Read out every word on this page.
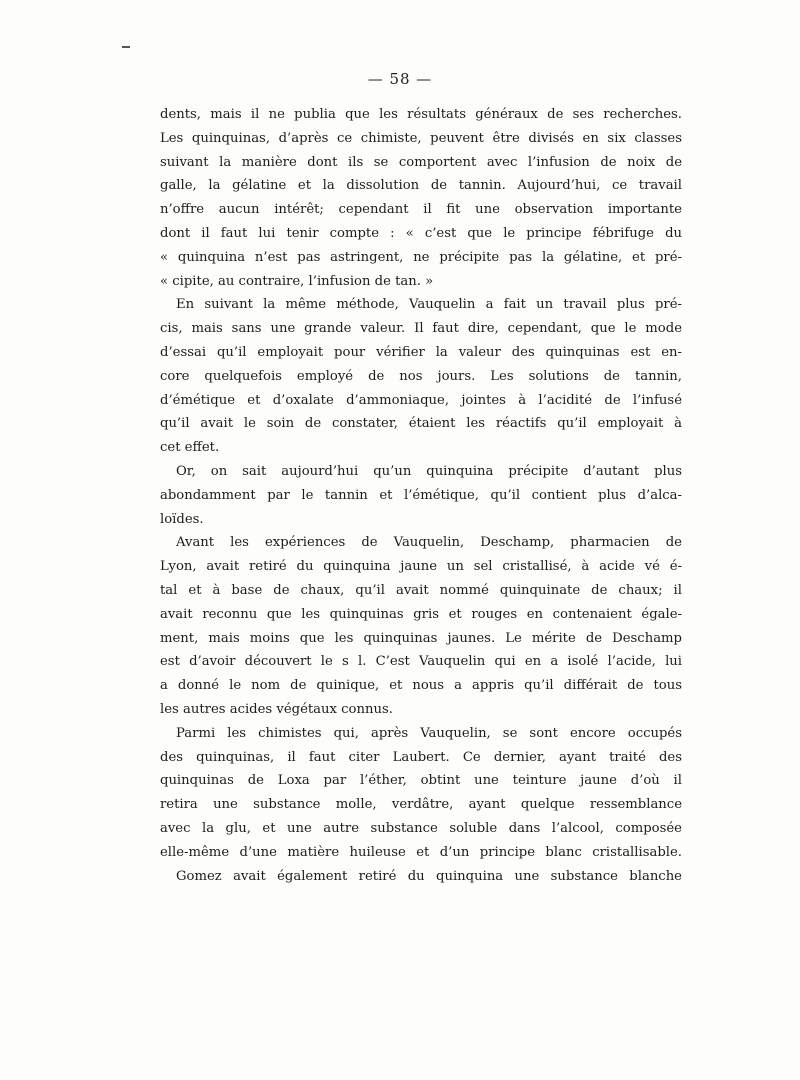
— 58 —
dents, mais il ne publia que les résultats généraux de ses recherches.
Les quinquinas, d’après ce chimiste, peuvent être divisés en six classes
suivant la manière dont ils se comportent avec l’infusion de noix de
galle, la gélatine et la dissolution de tannin. Aujourd’hui, ce travail
n’offre aucun intérêt; cependant il fit une observation importante
dont il faut lui tenir compte : « c’est que le principe fébrifuge du
« quinquina n’est pas astringent, ne précipite pas la gélatine, et pré-
« cipite, au contraire, l’infusion de tan. »
En suivant la même méthode, Vauquelin a fait un travail plus pré-
cis, mais sans une grande valeur. Il faut dire, cependant, que le mode
d’essai qu’il employait pour vérifier la valeur des quinquinas est en-
core quelquefois employé de nos jours. Les solutions de tannin,
d’émétique et d’oxalate d’ammoniaque, jointes à l’acidité de l’infusé
qu’il avait le soin de constater, étaient les réactifs qu’il employait à
cet effet.
Or, on sait aujourd’hui qu’un quinquina précipite d’autant plus
abondamment par le tannin et l’émétique, qu’il contient plus d’alca-
loïdes.
Avant les expériences de Vauquelin, Deschamp, pharmacien de
Lyon, avait retiré du quinquina jaune un sel cristallisé, à acide vé é-
tal et à base de chaux, qu’il avait nommé quinquinate de chaux; il
avait reconnu que les quinquinas gris et rouges en contenaient égale-
ment, mais moins que les quinquinas jaunes. Le mérite de Deschamp
est d’avoir découvert le s l. C’est Vauquelin qui en a isolé l’acide, lui
a donné le nom de quinique, et nous a appris qu’il différait de tous
les autres acides végétaux connus.
Parmi les chimistes qui, après Vauquelin, se sont encore occupés
des quinquinas, il faut citer Laubert. Ce dernier, ayant traité des
quinquinas de Loxa par l’éther, obtint une teinture jaune d’où il
retira une substance molle, verdâtre, ayant quelque ressemblance
avec la glu, et une autre substance soluble dans l’alcool, composée
elle-même d’une matière huileuse et d’un principe blanc cristallisable.
Gomez avait également retiré du quinquina une substance blanche
